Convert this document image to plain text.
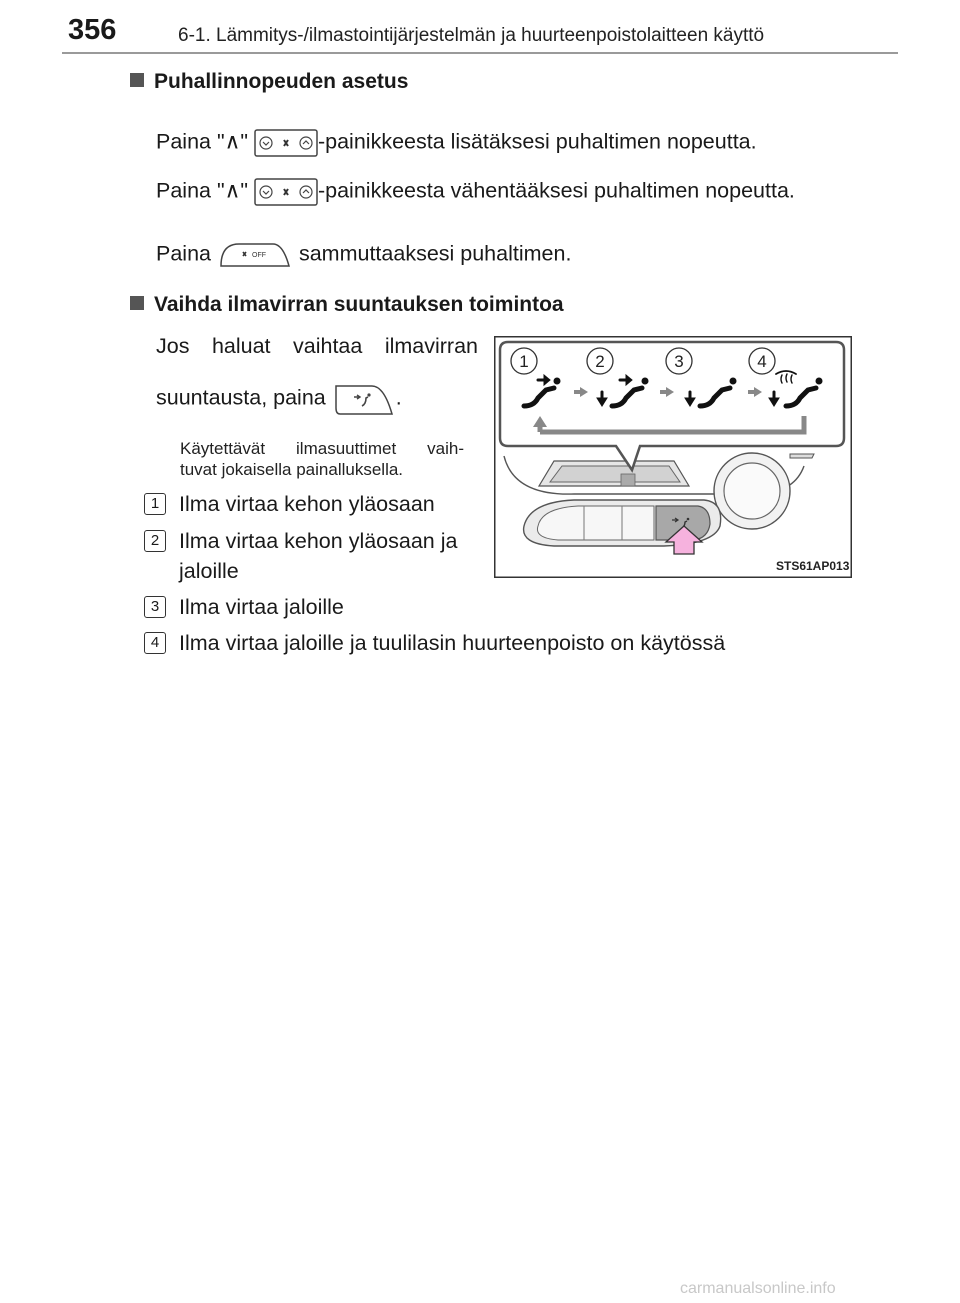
356	6-1. Lämmitys-/ilmastointijärjestelmän ja huurteenpoistolaitteen käyttö
Puhallinnopeuden asetus
Paina "∧"	-painikkeesta lisätäksesi puhaltimen nopeutta.
Paina "∧"	-painikkeesta vähentääksesi puhaltimen nopeutta.
Paina	OFF sammuttaaksesi puhaltimen.
Vaihda ilmavirran suuntauksen toimintoa
Jos haluat vaihtaa ilmavirran
suuntausta, paina	.
Käytettävät ilmasuuttimet vaih-
tuvat jokaisella painalluksella.
1 Ilma virtaa kehon yläosaan
2 Ilma virtaa kehon yläosaan ja
jaloille
3 Ilma virtaa jaloille
4 Ilma virtaa jaloille ja tuulilasin huurteenpoisto on käytössä
1	2	3	4
STS61AP013
carmanualsonline.info
